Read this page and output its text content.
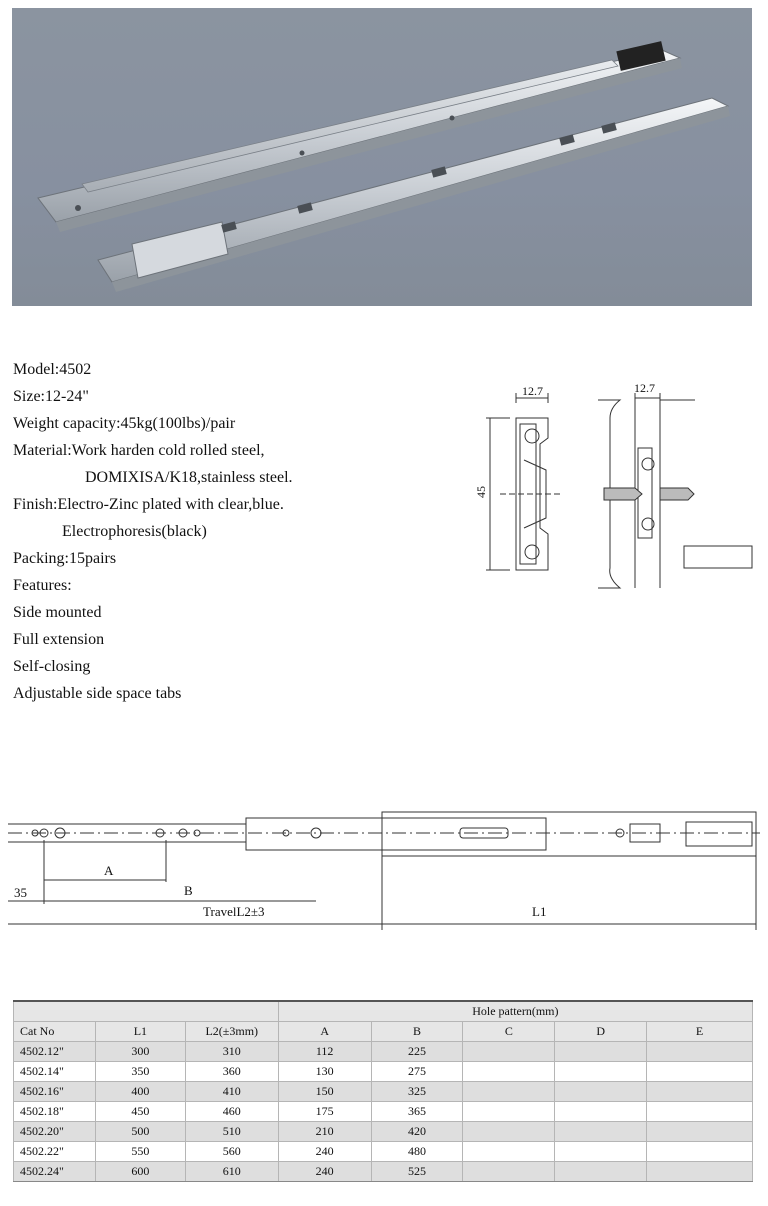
Model:4502
Size:12-24"
Weight capacity:45kg(100lbs)/pair
Material:Work harden cold rolled steel,
DOMIXISA/K18,stainless steel.
Finish:Electro-Zinc plated with clear,blue.
Electrophoresis(black)
Packing:15pairs
Features:
Side mounted
Full extension
Self-closing
Adjustable side space tabs
12.7
45
12.7
A
B
35
TravelL2±3	L1
			Hole pattern(mm)				
Cat No	L1	L2(±3mm)	A	B	C	D	E
4502.12"	300	310	112	225			
4502.14"	350	360	130	275			
4502.16"	400	410	150	325			
4502.18"	450	460	175	365			
4502.20"	500	510	210	420			
4502.22"	550	560	240	480			
4502.24"	600	610	240	525			
